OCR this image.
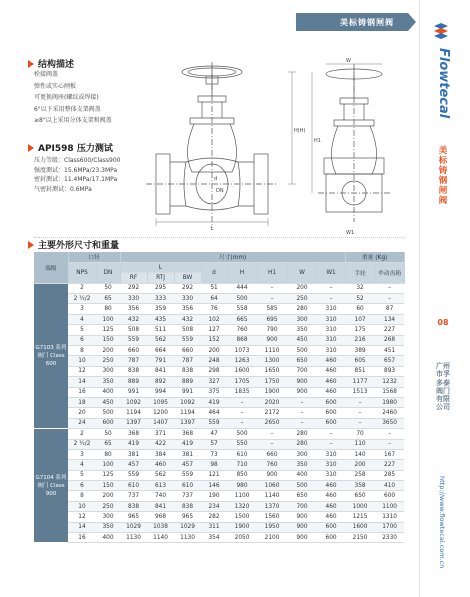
美标铸钢闸阀
Flowtecal
美标铸钢闸阀
08
广州市孚多泰阀门有限公司
http://www.flowtecal.com.cn
结构描述
栓接阀盖
弹性或实心闸板
可更换阀座(螺纹或焊接)
6"以下采用整体支架阀盖
≥8"以上采用分体支架和阀盖
API598 压力测试
压力等级：Class600/Class900
强度测试：15.6MPa/23.3MPa
密封测试：11.4MPa/17.1MPa
气密封测试：0.6MPa
L
H(H)
H1
d
DN
W
W1
主要外形尺寸和重量
端级	口径		尺寸(mm)								重量 (Kg)	
	NPS	DN	L			d	H	H1	W	W1	手轮	伞动齿箱
			RF	RTJ	BW							
G7103 系列阀门 Class 600	2	50	292	295	292	51	444	–	200	–	32	–
	2 ½/2	65	330	333	330	64	500	–	250	–	52	–
	3	80	356	359	356	76	558	585	280	310	60	87
	4	100	432	435	432	102	665	695	300	310	107	134
	5	125	508	511	508	127	760	790	350	310	175	227
	6	150	559	562	559	152	868	900	450	310	216	268
	8	200	660	664	660	200	1073	1110	500	310	389	451
	10	250	787	791	787	248	1263	1300	650	460	605	657
	12	300	838	841	838	298	1600	1650	700	460	851	893
	14	350	889	892	889	327	1705	1750	900	460	1177	1232
	16	400	991	994	991	375	1835	1900	900	460	1513	1568
	18	450	1092	1095	1092	419	–	2020	–	600	–	1980
	20	500	1194	1200	1194	464	–	2172	–	600	–	2460
	24	600	1397	1407	1397	559	–	2650	–	600	–	3650
G7104 系列阀门 Class 900	2	50	368	371	368	47	500	–	280	–	70	–
	2 ½/2	65	419	422	419	57	550	–	280	–	110	–
	3	80	381	384	381	73	610	660	300	310	140	167
	4	100	457	460	457	98	710	760	350	310	200	227
	5	125	559	562	559	121	850	900	400	310	258	285
	6	150	610	613	610	146	980	1060	500	460	358	410
	8	200	737	740	737	190	1100	1140	650	460	650	600
	10	250	838	841	838	234	1320	1370	700	460	1000	1100
	12	300	965	968	965	282	1500	1560	900	460	1215	1310
	14	350	1029	1038	1029	311	1900	1950	900	600	1600	1700
	16	400	1130	1140	1130	354	2050	2100	900	600	2150	2330
